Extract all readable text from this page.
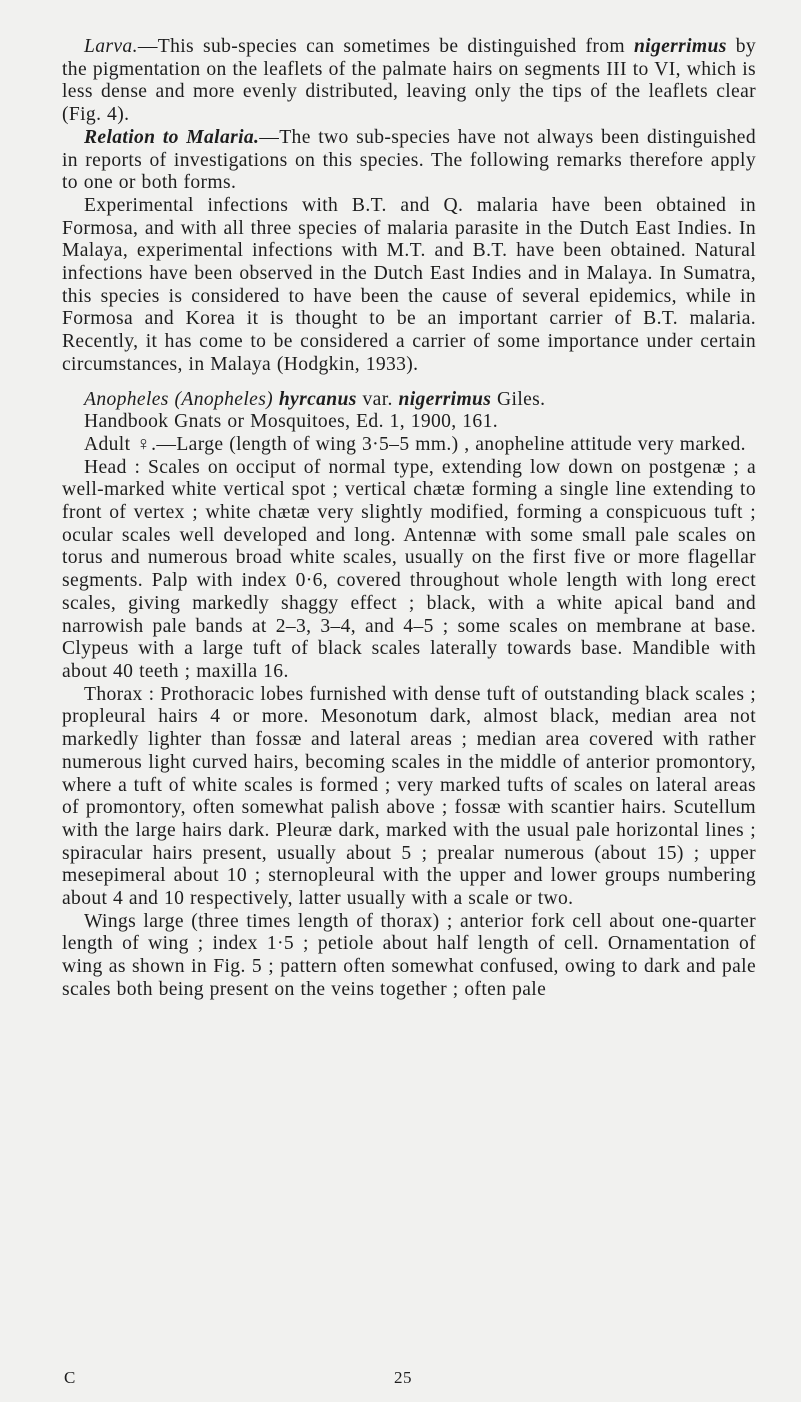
Larva.—This sub-species can sometimes be distinguished from nigerrimus by the pigmentation on the leaflets of the palmate hairs on segments III to VI, which is less dense and more evenly distributed, leaving only the tips of the leaflets clear (Fig. 4).

Relation to Malaria.—The two sub-species have not always been distinguished in reports of investigations on this species. The following remarks therefore apply to one or both forms.

Experimental infections with B.T. and Q. malaria have been obtained in Formosa, and with all three species of malaria parasite in the Dutch East Indies. In Malaya, experimental infections with M.T. and B.T. have been obtained. Natural infections have been observed in the Dutch East Indies and in Malaya. In Sumatra, this species is considered to have been the cause of several epidemics, while in Formosa and Korea it is thought to be an important carrier of B.T. malaria. Recently, it has come to be considered a carrier of some importance under certain circumstances, in Malaya (Hodgkin, 1933).

Anopheles (Anopheles) hyrcanus var. nigerrimus Giles.

Handbook Gnats or Mosquitoes, Ed. 1, 1900, 161.

Adult ♀.—Large (length of wing 3·5–5 mm.) , anopheline attitude very marked.

Head : Scales on occiput of normal type, extending low down on postgenæ ; a well-marked white vertical spot ; vertical chætæ forming a single line extending to front of vertex ; white chætæ very slightly modified, forming a conspicuous tuft ; ocular scales well developed and long. Antennæ with some small pale scales on torus and numerous broad white scales, usually on the first five or more flagellar segments. Palp with index 0·6, covered throughout whole length with long erect scales, giving markedly shaggy effect ; black, with a white apical band and narrowish pale bands at 2–3, 3–4, and 4–5 ; some scales on membrane at base. Clypeus with a large tuft of black scales laterally towards base. Mandible with about 40 teeth ; maxilla 16.

Thorax : Prothoracic lobes furnished with dense tuft of outstanding black scales ; propleural hairs 4 or more. Mesonotum dark, almost black, median area not markedly lighter than fossæ and lateral areas ; median area covered with rather numerous light curved hairs, becoming scales in the middle of anterior promontory, where a tuft of white scales is formed ; very marked tufts of scales on lateral areas of promontory, often somewhat palish above ; fossæ with scantier hairs. Scutellum with the large hairs dark. Pleuræ dark, marked with the usual pale horizontal lines ; spiracular hairs present, usually about 5 ; prealar numerous (about 15) ; upper mesepimeral about 10 ; sternopleural with the upper and lower groups numbering about 4 and 10 respectively, latter usually with a scale or two.

Wings large (three times length of thorax) ; anterior fork cell about one-quarter length of wing ; index 1·5 ; petiole about half length of cell. Ornamentation of wing as shown in Fig. 5 ; pattern often somewhat confused, owing to dark and pale scales both being present on the veins together ; often pale

C	25
